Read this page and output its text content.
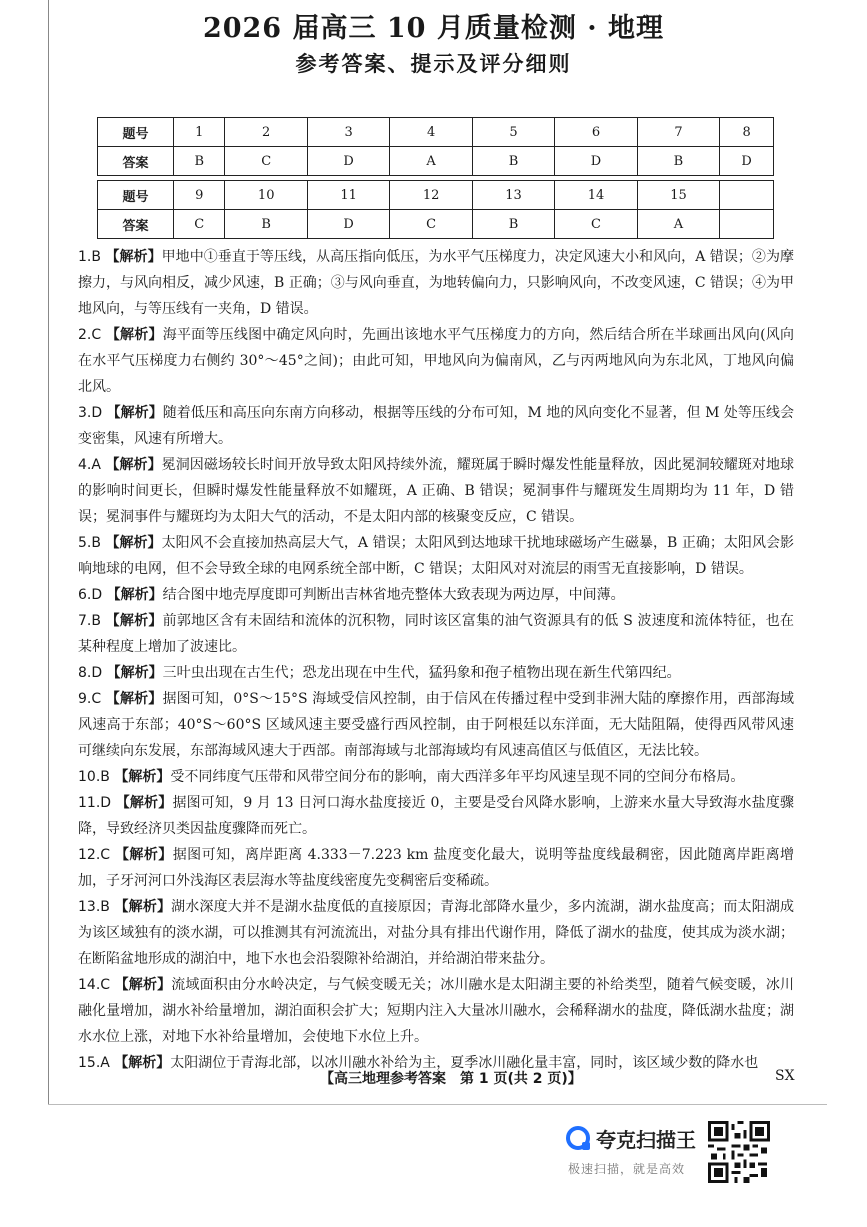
2026 届高三 10 月质量检测 · 地理
参考答案、提示及评分细则
题号	1	2	3	4	5	6	7	8
答案	B	C	D	A	B	D	B	D

题号	9	10	11	12	13	14	15	
答案	C	B	D	C	B	C	A	

1.B 【解析】甲地中①垂直于等压线，从高压指向低压，为水平气压梯度力，决定风速大小和风向，A 错误；②为摩擦力，与风向相反，减少风速，B 正确；③与风向垂直，为地转偏向力，只影响风向，不改变风速，C 错误；④为甲地风向，与等压线有一夹角，D 错误。

2.C 【解析】海平面等压线图中确定风向时，先画出该地水平气压梯度力的方向，然后结合所在半球画出风向(风向在水平气压梯度力右侧约 30°～45°之间)；由此可知，甲地风向为偏南风，乙与丙两地风向为东北风，丁地风向偏北风。

3.D 【解析】随着低压和高压向东南方向移动，根据等压线的分布可知，M 地的风向变化不显著，但 M 处等压线会变密集，风速有所增大。

4.A 【解析】冕洞因磁场较长时间开放导致太阳风持续外流，耀斑属于瞬时爆发性能量释放，因此冕洞较耀斑对地球的影响时间更长，但瞬时爆发性能量释放不如耀斑，A 正确、B 错误；冕洞事件与耀斑发生周期均为 11 年，D 错误；冕洞事件与耀斑均为太阳大气的活动，不是太阳内部的核聚变反应，C 错误。

5.B 【解析】太阳风不会直接加热高层大气，A 错误；太阳风到达地球干扰地球磁场产生磁暴，B 正确；太阳风会影响地球的电网，但不会导致全球的电网系统全部中断，C 错误；太阳风对对流层的雨雪无直接影响，D 错误。

6.D 【解析】结合图中地壳厚度即可判断出吉林省地壳整体大致表现为两边厚，中间薄。

7.B 【解析】前郭地区含有未固结和流体的沉积物，同时该区富集的油气资源具有的低 S 波速度和流体特征，也在某种程度上增加了波速比。

8.D 【解析】三叶虫出现在古生代；恐龙出现在中生代，猛犸象和孢子植物出现在新生代第四纪。

9.C 【解析】据图可知，0°S～15°S 海域受信风控制，由于信风在传播过程中受到非洲大陆的摩擦作用，西部海域风速高于东部；40°S～60°S 区域风速主要受盛行西风控制，由于阿根廷以东洋面，无大陆阻隔，使得西风带风速可继续向东发展，东部海域风速大于西部。南部海域与北部海域均有风速高值区与低值区，无法比较。

10.B 【解析】受不同纬度气压带和风带空间分布的影响，南大西洋多年平均风速呈现不同的空间分布格局。

11.D 【解析】据图可知，9 月 13 日河口海水盐度接近 0，主要是受台风降水影响，上游来水量大导致海水盐度骤降，导致经济贝类因盐度骤降而死亡。

12.C 【解析】据图可知，离岸距离 4.333－7.223 km 盐度变化最大，说明等盐度线最稠密，因此随离岸距离增加，子牙河河口外浅海区表层海水等盐度线密度先变稠密后变稀疏。

13.B 【解析】湖水深度大并不是湖水盐度低的直接原因；青海北部降水量少，多内流湖，湖水盐度高；而太阳湖成为该区域独有的淡水湖，可以推测其有河流流出，对盐分具有排出代谢作用，降低了湖水的盐度，使其成为淡水湖；在断陷盆地形成的湖泊中，地下水也会沿裂隙补给湖泊，并给湖泊带来盐分。

14.C 【解析】流域面积由分水岭决定，与气候变暖无关；冰川融水是太阳湖主要的补给类型，随着气候变暖，冰川融化量增加，湖水补给量增加，湖泊面积会扩大；短期内注入大量冰川融水，会稀释湖水的盐度，降低湖水盐度；湖水水位上涨，对地下水补给量增加，会使地下水位上升。

15.A 【解析】太阳湖位于青海北部，以冰川融水补给为主，夏季冰川融化量丰富，同时，该区域少数的降水也

【高三地理参考答案　第 1 页(共 2 页)】	SX
夸克扫描王
极速扫描，就是高效
